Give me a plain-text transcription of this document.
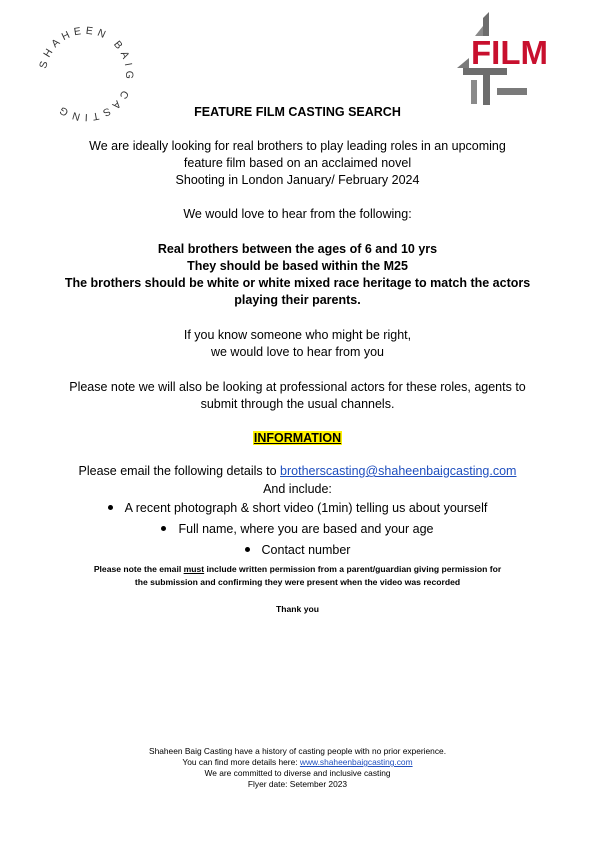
SHAHEEN BAIG CASTING
FILM
FEATURE FILM CASTING SEARCH
We are ideally looking for real brothers to play leading roles in an upcoming
feature film based on an acclaimed novel
Shooting in London January/ February 2024
We would love to hear from the following:
Real brothers between the ages of 6 and 10 yrs
They should be based within the M25
The brothers should be white or white mixed race heritage to match the actors
playing their parents.
If you know someone who might be right,
we would love to hear from you
Please note we will also be looking at professional actors for these roles, agents to
submit through the usual channels.
INFORMATION
Please email the following details to brotherscasting@shaheenbaigcasting.com
And include:
A recent photograph & short video (1min) telling us about yourself
Full name, where you are based and your age
Contact number
Please note the email must include written permission from a parent/guardian giving permission for
the submission and confirming they were present when the video was recorded
Thank you
Shaheen Baig Casting have a history of casting people with no prior experience.
You can find more details here: www.shaheenbaigcasting.com
We are committed to diverse and inclusive casting
Flyer date: Setember 2023
